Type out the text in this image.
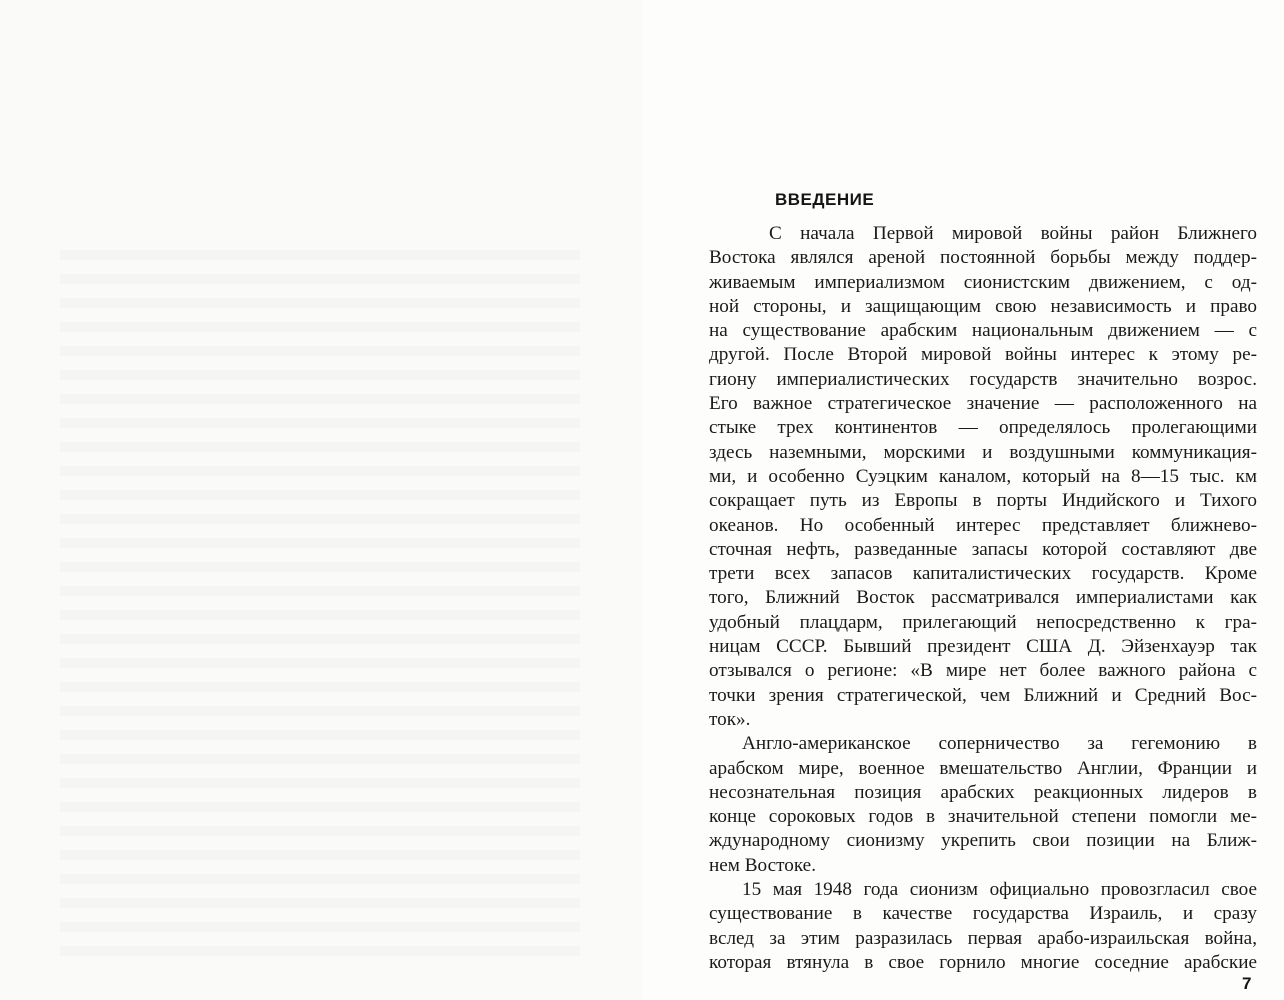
ВВЕДЕНИЕ

С начала Первой мировой войны район Ближнего

Востока являлся ареной постоянной борьбы между поддер-

живаемым империализмом сионистским движением, с од-

ной стороны, и защищающим свою независимость и право

на существование арабским национальным движением — с

другой. После Второй мировой войны интерес к этому ре-

гиону империалистических государств значительно возрос.

Его важное стратегическое значение — расположенного на

стыке трех континентов — определялось пролегающими

здесь наземными, морскими и воздушными коммуникация-

ми, и особенно Суэцким каналом, который на 8—15 тыс. км

сокращает путь из Европы в порты Индийского и Тихого

океанов. Но особенный интерес представляет ближнево-

сточная нефть, разведанные запасы которой составляют две

трети всех запасов капиталистических государств. Кроме

того, Ближний Восток рассматривался империалистами как

удобный плацдарм, прилегающий непосредственно к гра-

ницам СССР. Бывший президент США Д. Эйзенхауэр так

отзывался о регионе: «В мире нет более важного района с

точки зрения стратегической, чем Ближний и Средний Вос-

ток».

Англо-американское соперничество за гегемонию в

арабском мире, военное вмешательство Англии, Франции и

несознательная позиция арабских реакционных лидеров в

конце сороковых годов в значительной степени помогли ме-

ждународному сионизму укрепить свои позиции на Ближ-

нем Востоке.

15 мая 1948 года сионизм официально провозгласил свое

существование в качестве государства Израиль, и сразу

вслед за этим разразилась первая арабо-израильская война,

которая втянула в свое горнило многие соседние арабские

7
